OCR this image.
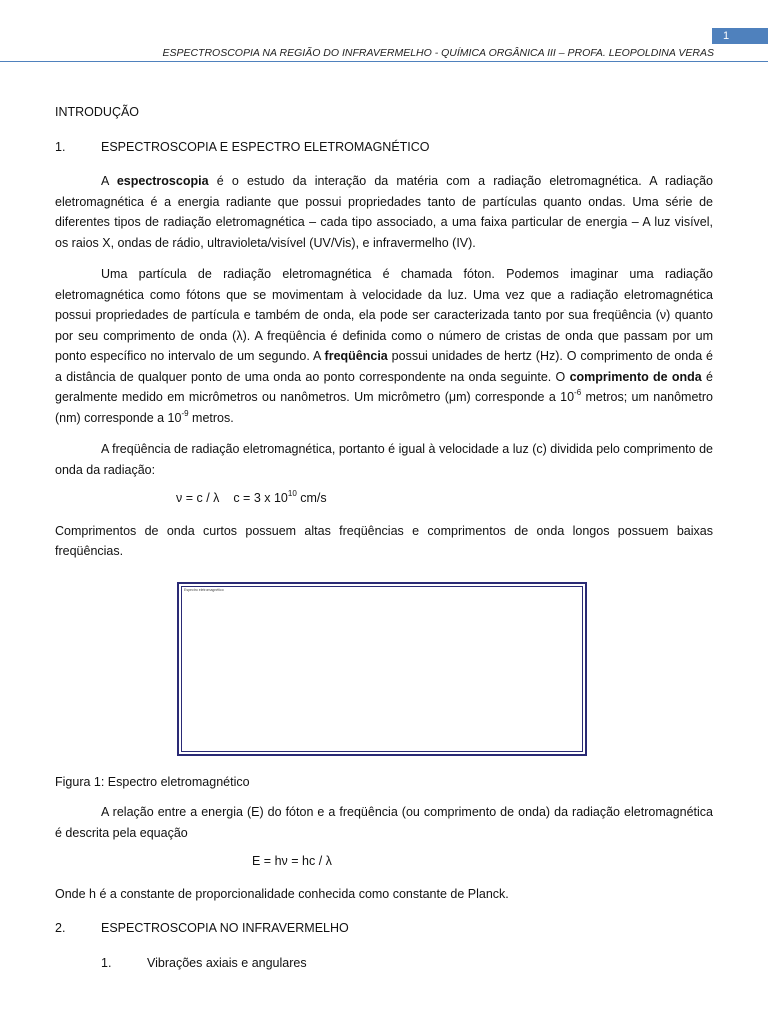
1
ESPECTROSCOPIA NA REGIÃO DO INFRAVERMELHO - QUÍMICA ORGÂNICA III – PROFA. LEOPOLDINA VERAS

INTRODUÇÃO

1.	ESPECTROSCOPIA E ESPECTRO ELETROMAGNÉTICO

A espectroscopia é o estudo da interação da matéria com a radiação eletromagnética. A radiação eletromagnética é a energia radiante que possui propriedades tanto de partículas quanto ondas. Uma série de diferentes tipos de radiação eletromagnética – cada tipo associado, a uma faixa particular de energia – A luz visível, os raios X, ondas de rádio, ultravioleta/visível (UV/Vis), e infravermelho (IV).

Uma partícula de radiação eletromagnética é chamada fóton. Podemos imaginar uma radiação eletromagnética como fótons que se movimentam à velocidade da luz. Uma vez que a radiação eletromagnética possui propriedades de partícula e também de onda, ela pode ser caracterizada tanto por sua freqüência (ν) quanto por seu comprimento de onda (λ). A freqüência é definida como o número de cristas de onda que passam por um ponto específico no intervalo de um segundo. A freqüência possui unidades de hertz (Hz). O comprimento de onda é a distância de qualquer ponto de uma onda ao ponto correspondente na onda seguinte. O comprimento de onda é geralmente medido em micrômetros ou nanômetros. Um micrômetro (μm) corresponde a $10^{-6}$ metros; um nanômetro (nm) corresponde a $10^{-9}$ metros.

A freqüência de radiação eletromagnética, portanto é igual à velocidade a luz (c) dividida pelo comprimento de onda da radiação:

ν = c / λ c = 3 x $10^{10}$ cm/s

Comprimentos de onda curtos possuem altas freqüências e comprimentos de onda longos possuem baixas freqüências.

Espectro eletromagnético

Figura 1: Espectro eletromagnético

A relação entre a energia (E) do fóton e a freqüência (ou comprimento de onda) da radiação eletromagnética é descrita pela equação

E = hν = hc / λ

Onde h é a constante de proporcionalidade conhecida como constante de Planck.

2.	ESPECTROSCOPIA NO INFRAVERMELHO
1.	Vibrações axiais e angulares
